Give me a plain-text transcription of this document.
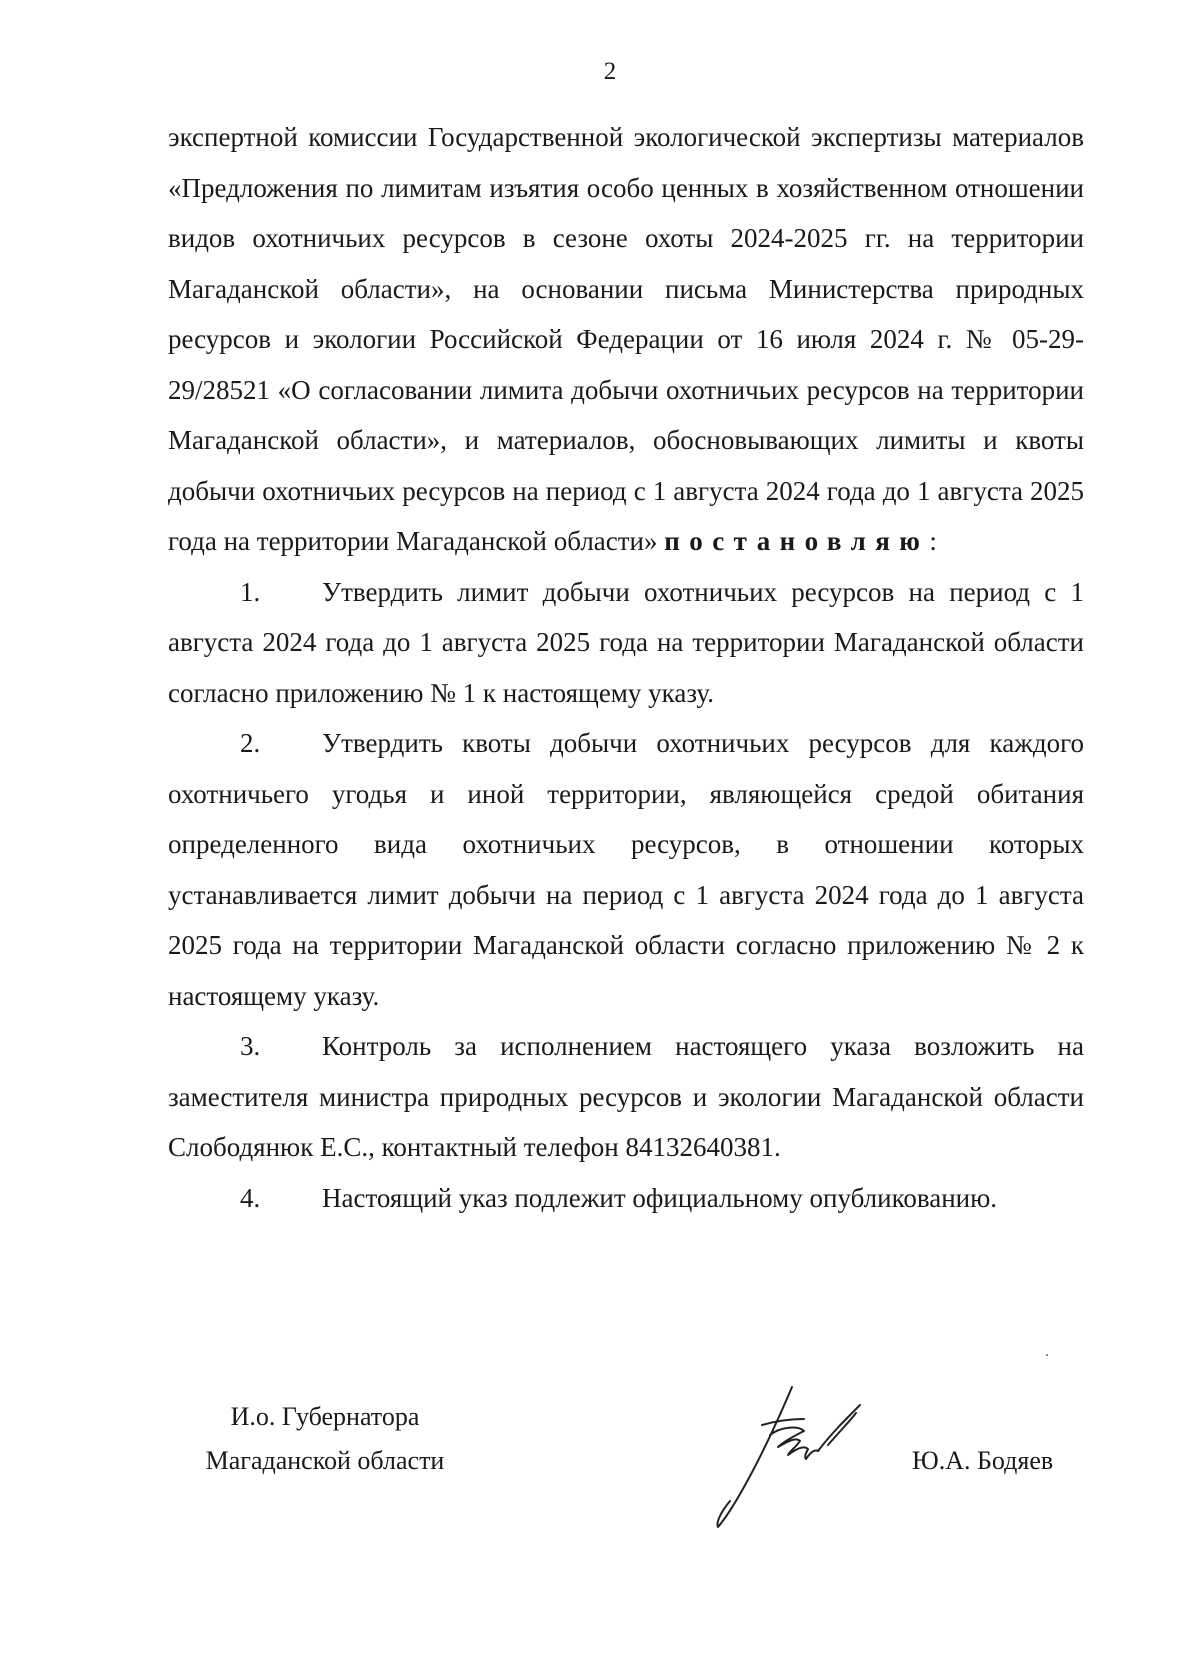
2

экспертной комиссии Государственной экологической экспертизы материалов «Предложения по лимитам изъятия особо ценных в хозяйственном отношении видов охотничьих ресурсов в сезоне охоты 2024-2025 гг. на территории Магаданской области», на основании письма Министерства природных ресурсов и экологии Российской Федерации от 16 июля 2024 г. № 05-29-29/28521 «О согласовании лимита добычи охотничьих ресурсов на территории Магаданской области», и материалов, обосновывающих лимиты и квоты добычи охотничьих ресурсов на период с 1 августа 2024 года до 1 августа 2025 года на территории Магаданской области» постановляю:

1. Утвердить лимит добычи охотничьих ресурсов на период с 1 августа 2024 года до 1 августа 2025 года на территории Магаданской области согласно приложению № 1 к настоящему указу.

2. Утвердить квоты добычи охотничьих ресурсов для каждого охотничьего угодья и иной территории, являющейся средой обитания определенного вида охотничьих ресурсов, в отношении которых устанавливается лимит добычи на период с 1 августа 2024 года до 1 августа 2025 года на территории Магаданской области согласно приложению № 2 к настоящему указу.

3. Контроль за исполнением настоящего указа возложить на заместителя министра природных ресурсов и экологии Магаданской области Слободянюк Е.С., контактный телефон 84132640381.

4. Настоящий указ подлежит официальному опубликованию.

И.о. Губернатора
Магаданской области	Ю.А. Бодяев
